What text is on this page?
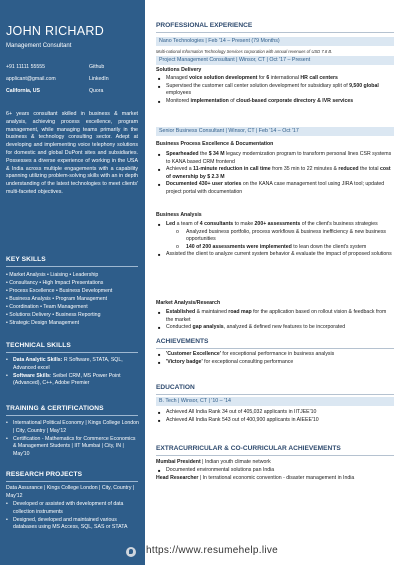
JOHN RICHARD
Management Consultant
+91 11111 55555	Github
applicant@gmail.com	LinkedIn
California, US	Quora
6+ years consultant skilled in business & market analysis, achieving process excellence, program management, while managing teams primarily in the business & technology consulting sector. Adept at developing and implementing voice telephony solutions for domestic and global DuPont sites and subsidiaries. Possesses a diverse experience of working in the USA & India across multiple engagements with a capability spanning utilizing problem-solving skills with an in depth understanding of the latest technologies to meet clients' multi-faceted objectives.
KEY SKILLS
• Market Analysis • Liaising • Leadership
• Consultancy • High Impact Presentations
• Process Excellence • Business Development
• Business Analysis • Program Management
• Coordination • Team Management
• Solutions Delivery • Business Reporting
• Strategic Design Management
TECHNICAL SKILLS
• Data Analytic Skills: R Software, STATA, SQL, Advanced excel
• Software Skills: Seibel CRM, MS Power Point (Advanced), C++, Adobe Premier
TRAINING & CERTIFICATIONS
• International Political Economy | Kings College London | City, Country | May'12
• Certification - Mathematics for Commerce Economics & Management Students | IIT Mumbai | City, IN | May'10
RESEARCH PROJECTS
Data Assurance | Kings College London | City, Country | May'12
• Developed or assisted with development of data collection instruments
• Designed, developed and maintained various databases using MS Access, SQL, SAS or STATA
PROFESSIONAL EXPERIENCE
Nano Technologies | Feb '14 – Present (79 Months)
Multi-national Information Technology Services corporation with annual revenues of USD 7.8 B.
Project Management Consultant | Winsor, CT | Oct '17 – Present
Solutions Delivery
■ Managed voice solution development for 6 international HR call centers
■ Supervised the customer call center solution development for subsidiary split of 9,500 global employees
■ Monitored implementation of cloud-based corporate directory & IVR services
Senior Business Consultant | Winsor, CT | Feb '14 – Oct '17
Business Process Excellence & Documentation
■ Spearheaded the $ 34 M legacy modernization program to transform personal lines CSR systems to KANA based CRM frontend
■ Achieved a 11-minute reduction in call time from 35 min to 22 minutes & reduced the total cost of ownership by $ 2.3 M
■ Documented 430+ user stories on the KANA case management tool using JIRA tool; updated project portal with documentation
Business Analysis
■ Led a team of 4 consultants to make 200+ assessments of the client's business strategies
o Analyzed business portfolio, process workflows & business inefficiency & new business opportunities
o 140 of 200 assessments were implemented to lean down the client's system
■ Assisted the client to analyze current system behavior & evaluate the impact of proposed solutions
Market Analysis/Research
■ Established & maintained road map for the application based on rollout vision & feedback from the market
■ Conducted gap analysis, analyzed & defined new features to be incorporated
ACHIEVEMENTS
■ 'Customer Excellence' for exceptional performance in business analysis
■ 'Victory badge' for exceptional consulting performance
EDUCATION
B. Tech | Winsor, CT | '10 – '14
■ Achieved All India Rank 34 out of 405,032 applicants in IITJEE'10
■ Achieved All India Rank 543 out of 400,900 applicants in AIEEE'10
EXTRACURRICULAR & CO-CURRICULAR ACHIEVEMENTS
Mumbai President | Indian youth climate network
■ Documented environmental solutions pan India
Head Researcher | In terrational economic convention - disaster management in India
https://www.resumehelp.live
